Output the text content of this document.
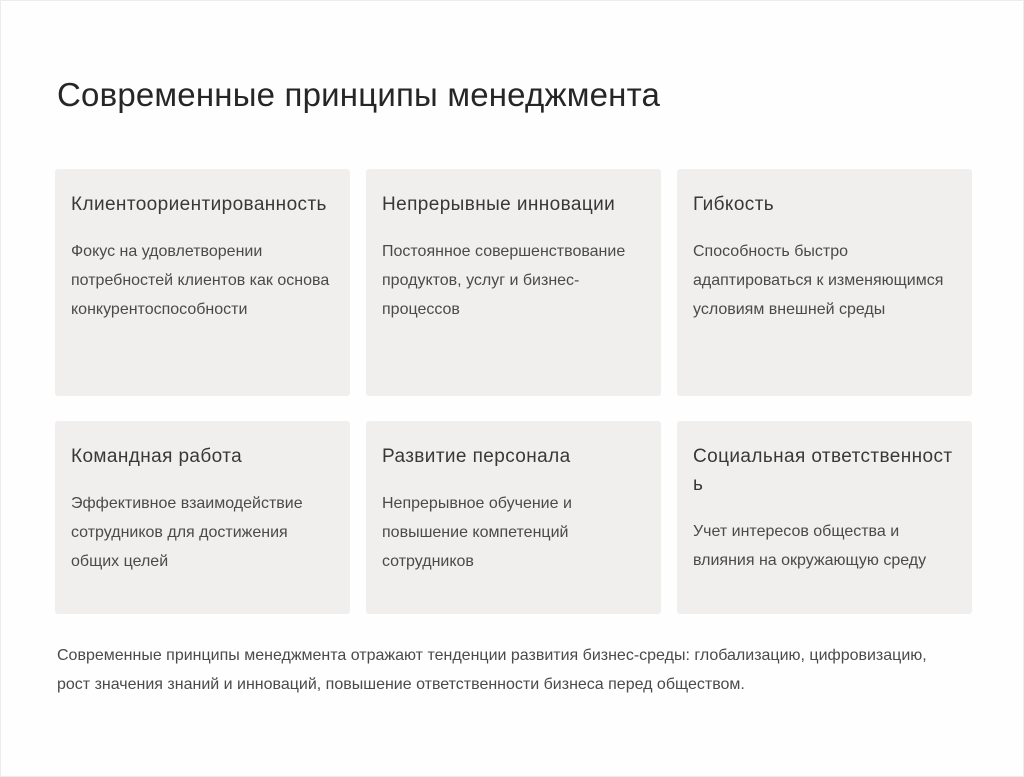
Современные принципы менеджмента
Клиентоориентированность

Фокус на удовлетворении потребностей клиентов как основа конкурентоспособности

Непрерывные инновации

Постоянное совершенствование продуктов, услуг и бизнес-процессов

Гибкость

Способность быстро адаптироваться к изменяющимся условиям внешней среды

Командная работа

Эффективное взаимодействие сотрудников для достижения общих целей

Развитие персонала

Непрерывное обучение и повышение компетенций сотрудников

Социальная ответственность

Учет интересов общества и влияния на окружающую среду

Современные принципы менеджмента отражают тенденции развития бизнес-среды: глобализацию, цифровизацию, рост значения знаний и инноваций, повышение ответственности бизнеса перед обществом.
